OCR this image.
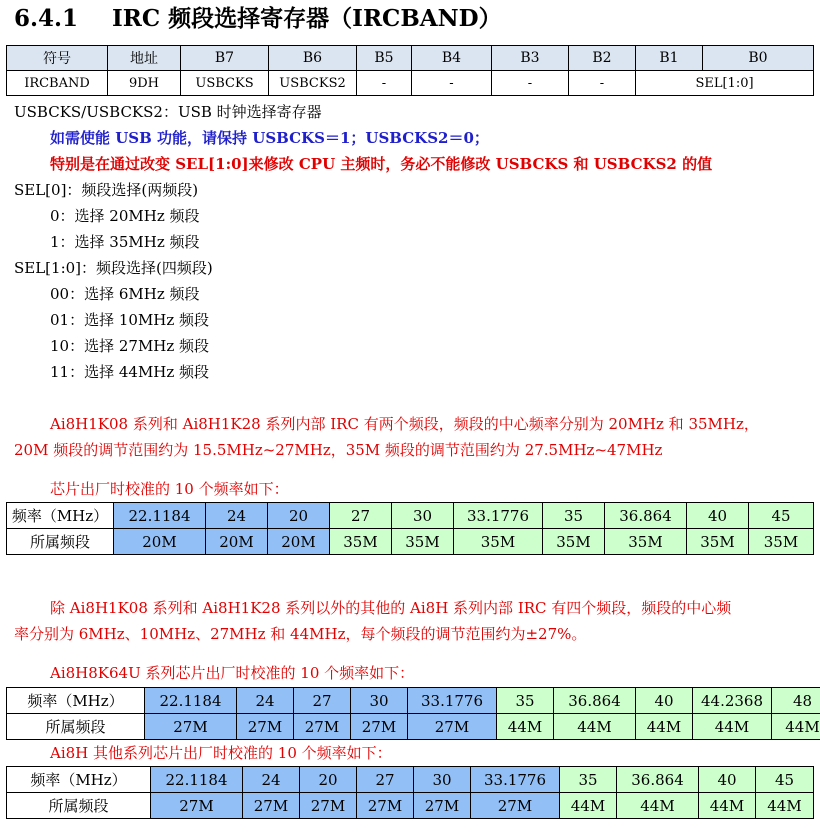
6.4.1 IRC 频段选择寄存器（IRCBAND）
符号	地址	B7	B6	B5	B4	B3	B2	B1	B0
IRCBAND	9DH	USBCKS	USBCKS2	-	-	-	-	SEL[1:0]	
USBCKS/USBCKS2：USB 时钟选择寄存器
如需使能 USB 功能，请保持 USBCKS＝1；USBCKS2＝0；
特别是在通过改变 SEL[1:0]来修改 CPU 主频时，务必不能修改 USBCKS 和 USBCKS2 的值
SEL[0]：频段选择(两频段)
0：选择 20MHz 频段
1：选择 35MHz 频段
SEL[1:0]：频段选择(四频段)
00：选择 6MHz 频段
01：选择 10MHz 频段
10：选择 27MHz 频段
11：选择 44MHz 频段
Ai8H1K08 系列和 Ai8H1K28 系列内部 IRC 有两个频段，频段的中心频率分别为 20MHz 和 35MHz，
20M 频段的调节范围约为 15.5MHz~27MHz，35M 频段的调节范围约为 27.5MHz~47MHz
芯片出厂时校准的 10 个频率如下：
频率（MHz）	22.1184	24	20	27	30	33.1776	35	36.864	40	45
所属频段	20M	20M	20M	35M	35M	35M	35M	35M	35M	35M
除 Ai8H1K08 系列和 Ai8H1K28 系列以外的其他的 Ai8H 系列内部 IRC 有四个频段，频段的中心频
率分别为 6MHz、10MHz、27MHz 和 44MHz，每个频段的调节范围约为±27%。
Ai8H8K64U 系列芯片出厂时校准的 10 个频率如下：
频率（MHz）	22.1184	24	27	30	33.1776	35	36.864	40	44.2368	48
所属频段	27M	27M	27M	27M	27M	44M	44M	44M	44M	44M
Ai8H 其他系列芯片出厂时校准的 10 个频率如下：
频率（MHz）	22.1184	24	20	27	30	33.1776	35	36.864	40	45
所属频段	27M	27M	27M	27M	27M	27M	44M	44M	44M	44M
